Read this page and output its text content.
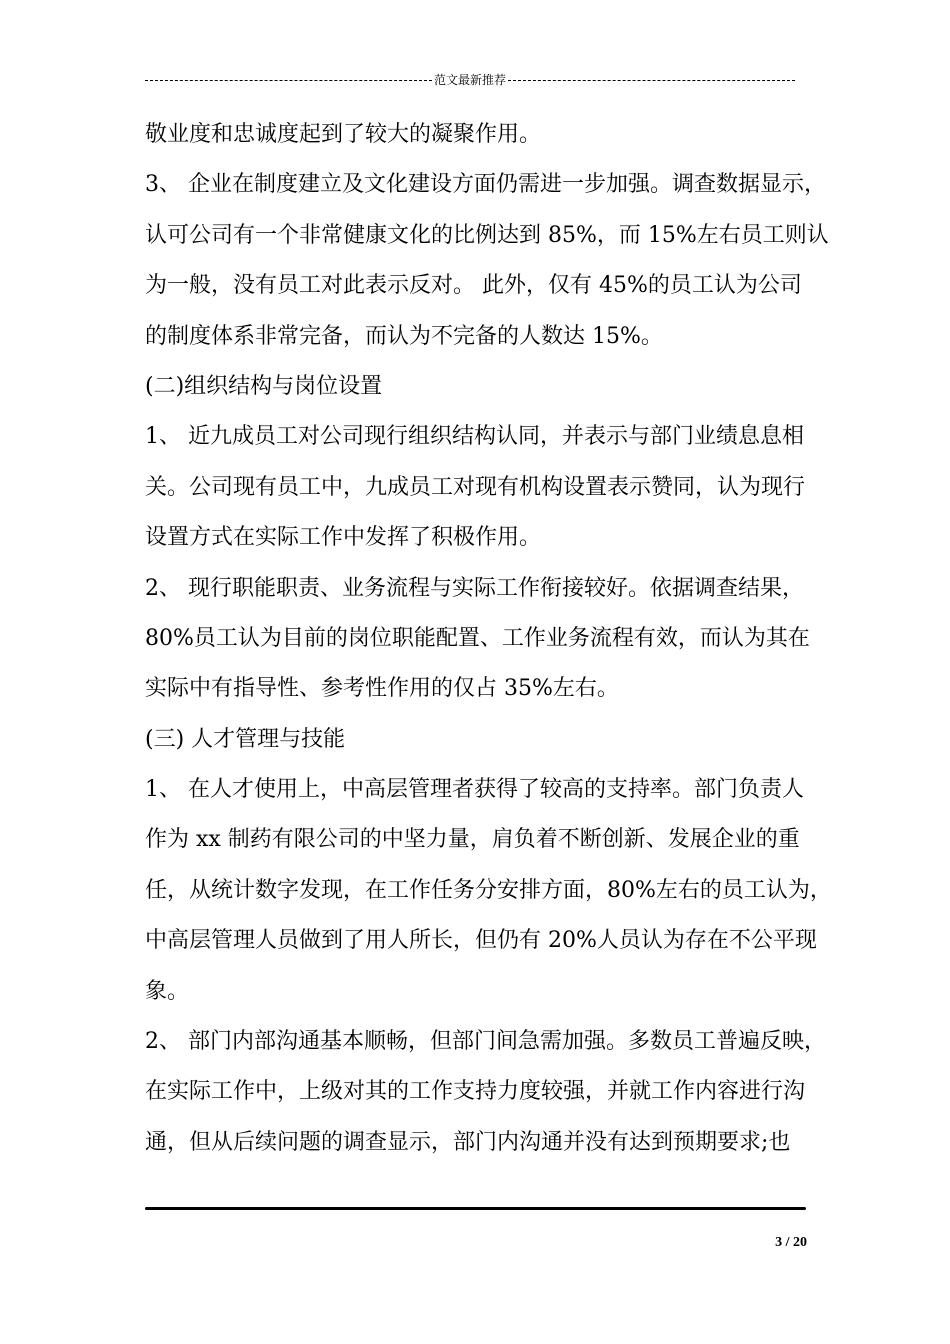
范文最新推荐
敬业度和忠诚度起到了较大的凝聚作用。
3、 企业在制度建立及文化建设方面仍需进一步加强。调查数据显示，
认可公司有一个非常健康文化的比例达到 85%，而 15%左右员工则认
为一般，没有员工对此表示反对。 此外，仅有 45%的员工认为公司
的制度体系非常完备，而认为不完备的人数达 15%。
(二)组织结构与岗位设置
1、 近九成员工对公司现行组织结构认同，并表示与部门业绩息息相
关。公司现有员工中，九成员工对现有机构设置表示赞同，认为现行
设置方式在实际工作中发挥了积极作用。
2、 现行职能职责、业务流程与实际工作衔接较好。依据调查结果，
80%员工认为目前的岗位职能配置、工作业务流程有效，而认为其在
实际中有指导性、参考性作用的仅占 35%左右。
(三) 人才管理与技能
1、 在人才使用上，中高层管理者获得了较高的支持率。部门负责人
作为 xx 制药有限公司的中坚力量，肩负着不断创新、发展企业的重
任，从统计数字发现，在工作任务分安排方面，80%左右的员工认为，
中高层管理人员做到了用人所长，但仍有 20%人员认为存在不公平现
象。
2、 部门内部沟通基本顺畅，但部门间急需加强。多数员工普遍反映，
在实际工作中，上级对其的工作支持力度较强，并就工作内容进行沟
通，但从后续问题的调查显示，部门内沟通并没有达到预期要求;也
3 / 20
